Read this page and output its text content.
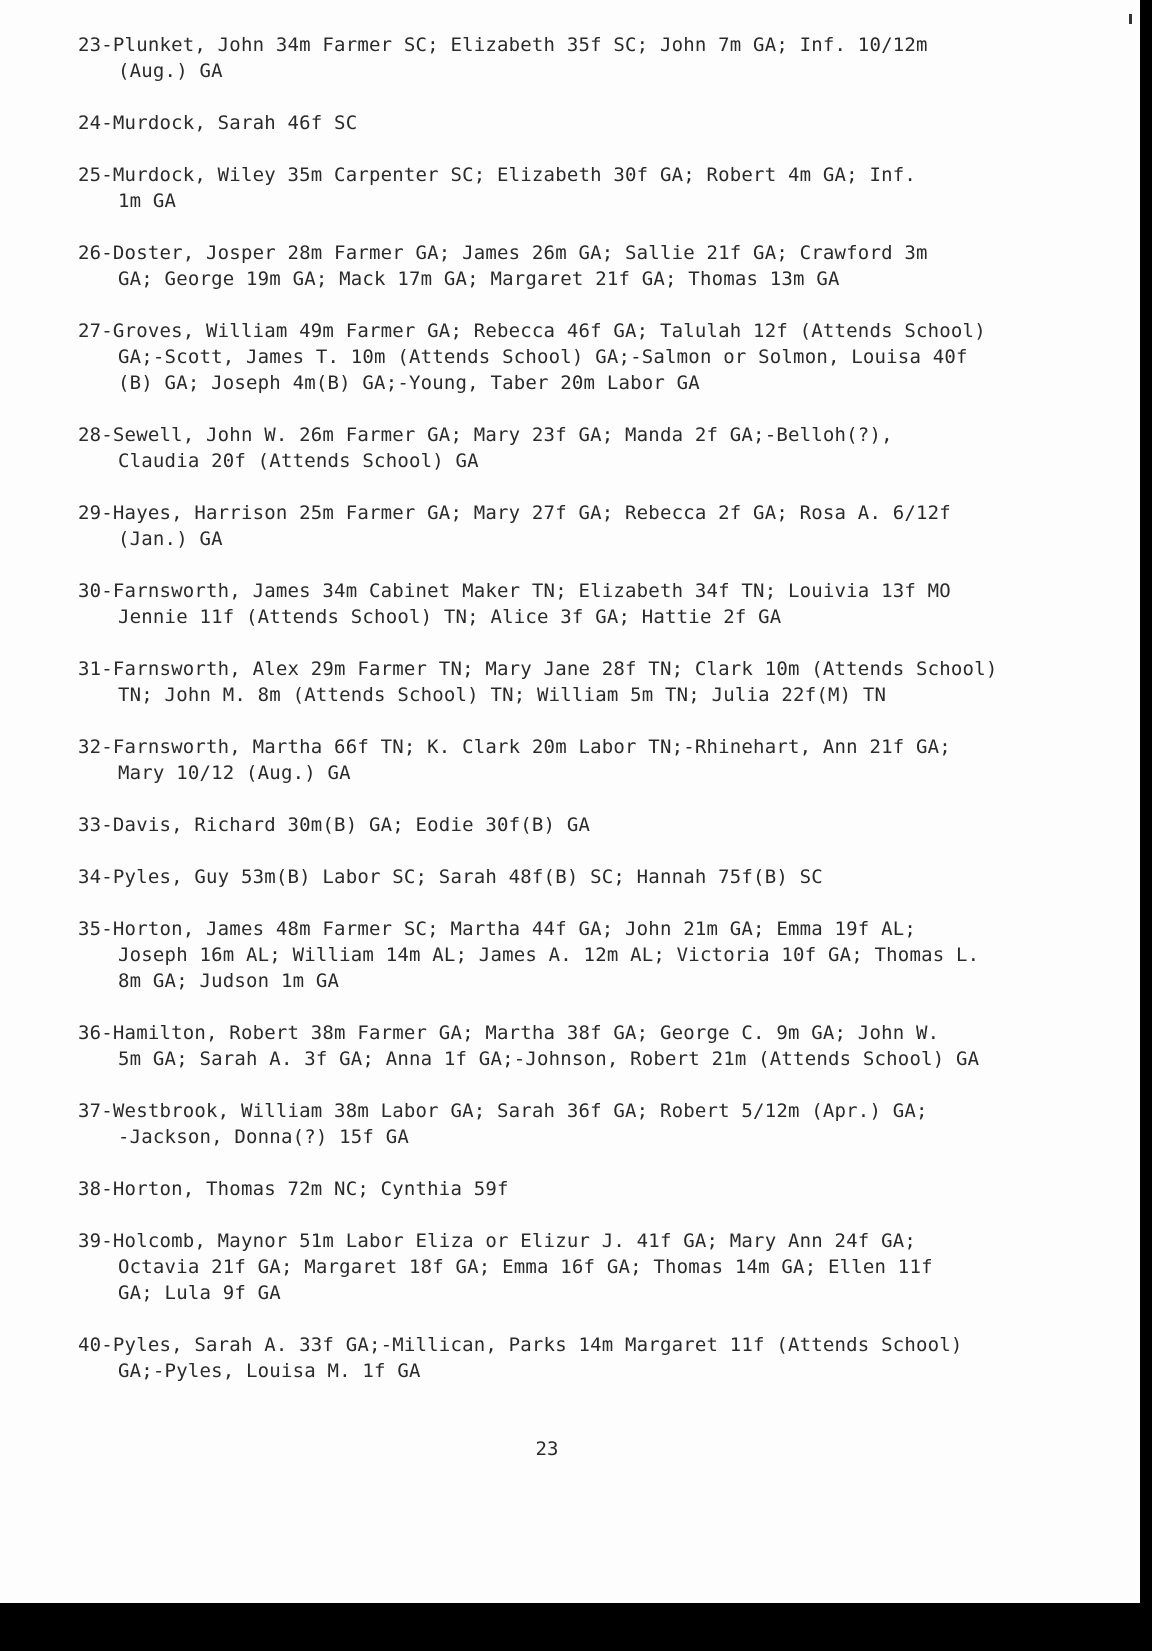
23-Plunket, John 34m Farmer SC; Elizabeth 35f SC; John 7m GA; Inf. 10/12m
(Aug.) GA
24-Murdock, Sarah 46f SC
25-Murdock, Wiley 35m Carpenter SC; Elizabeth 30f GA; Robert 4m GA; Inf.
1m GA
26-Doster, Josper 28m Farmer GA; James 26m GA; Sallie 21f GA; Crawford 3m
GA; George 19m GA; Mack 17m GA; Margaret 21f GA; Thomas 13m GA
27-Groves, William 49m Farmer GA; Rebecca 46f GA; Talulah 12f (Attends School)
GA;-Scott, James T. 10m (Attends School) GA;-Salmon or Solmon, Louisa 40f
(B) GA; Joseph 4m(B) GA;-Young, Taber 20m Labor GA
28-Sewell, John W. 26m Farmer GA; Mary 23f GA; Manda 2f GA;-Belloh(?),
Claudia 20f (Attends School) GA
29-Hayes, Harrison 25m Farmer GA; Mary 27f GA; Rebecca 2f GA; Rosa A. 6/12f
(Jan.) GA
30-Farnsworth, James 34m Cabinet Maker TN; Elizabeth 34f TN; Louivia 13f MO
Jennie 11f (Attends School) TN; Alice 3f GA; Hattie 2f GA
31-Farnsworth, Alex 29m Farmer TN; Mary Jane 28f TN; Clark 10m (Attends School)
TN; John M. 8m (Attends School) TN; William 5m TN; Julia 22f(M) TN
32-Farnsworth, Martha 66f TN; K. Clark 20m Labor TN;-Rhinehart, Ann 21f GA;
Mary 10/12 (Aug.) GA
33-Davis, Richard 30m(B) GA; Eodie 30f(B) GA
34-Pyles, Guy 53m(B) Labor SC; Sarah 48f(B) SC; Hannah 75f(B) SC
35-Horton, James 48m Farmer SC; Martha 44f GA; John 21m GA; Emma 19f AL;
Joseph 16m AL; William 14m AL; James A. 12m AL; Victoria 10f GA; Thomas L.
8m GA; Judson 1m GA
36-Hamilton, Robert 38m Farmer GA; Martha 38f GA; George C. 9m GA; John W.
5m GA; Sarah A. 3f GA; Anna 1f GA;-Johnson, Robert 21m (Attends School) GA
37-Westbrook, William 38m Labor GA; Sarah 36f GA; Robert 5/12m (Apr.) GA;
-Jackson, Donna(?) 15f GA
38-Horton, Thomas 72m NC; Cynthia 59f
39-Holcomb, Maynor 51m Labor Eliza or Elizur J. 41f GA; Mary Ann 24f GA;
Octavia 21f GA; Margaret 18f GA; Emma 16f GA; Thomas 14m GA; Ellen 11f
GA; Lula 9f GA
40-Pyles, Sarah A. 33f GA;-Millican, Parks 14m Margaret 11f (Attends School)
GA;-Pyles, Louisa M. 1f GA
23
